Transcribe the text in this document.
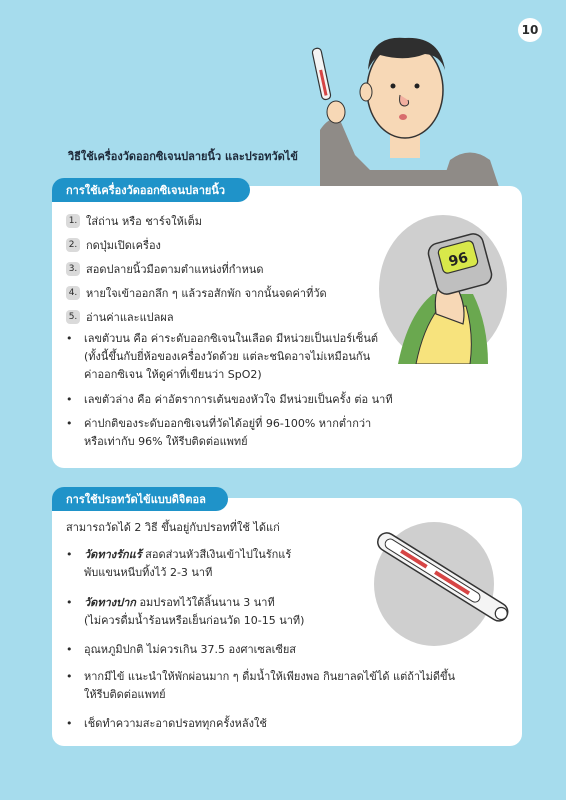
10
วิธีใช้เครื่องวัดออกซิเจนปลายนิ้ว และปรอทวัดไข้
การใช้เครื่องวัดออกซิเจนปลายนิ้ว
1. ใส่ถ่าน หรือ ชาร์จให้เต็ม
2. กดปุ่มเปิดเครื่อง
3. สอดปลายนิ้วมือตามตำแหน่งที่กำหนด
4. หายใจเข้าออกลึก ๆ แล้วรอสักพัก จากนั้นจดค่าที่วัด
5. อ่านค่าและแปลผล
• เลขตัวบน คือ ค่าระดับออกซิเจนในเลือด มีหน่วยเป็นเปอร์เซ็นต์
(ทั้งนี้ขึ้นกับยี่ห้อของเครื่องวัดด้วย แต่ละชนิดอาจไม่เหมือนกัน
ค่าออกซิเจน ให้ดูค่าที่เขียนว่า SpO2)
• เลขตัวล่าง คือ ค่าอัตราการเต้นของหัวใจ มีหน่วยเป็นครั้ง ต่อ นาที
• ค่าปกติของระดับออกซิเจนที่วัดได้อยู่ที่ 96-100% หากต่ำกว่า
หรือเท่ากับ 96% ให้รีบติดต่อแพทย์
96
การใช้ปรอทวัดไข้แบบดิจิตอล
สามารถวัดได้ 2 วิธี ขึ้นอยู่กับปรอทที่ใช้ ได้แก่
• วัดทางรักแร้ สอดส่วนหัวสีเงินเข้าไปในรักแร้
พับแขนหนีบทิ้งไว้ 2-3 นาที
• วัดทางปาก อมปรอทไว้ใต้ลิ้นนาน 3 นาที
(ไม่ควรดื่มน้ำร้อนหรือเย็นก่อนวัด 10-15 นาที)
• อุณหภูมิปกติ ไม่ควรเกิน 37.5 องศาเซลเซียส
• หากมีไข้ แนะนำให้พักผ่อนมาก ๆ ดื่มน้ำให้เพียงพอ กินยาลดไข้ได้ แต่ถ้าไม่ดีขึ้น
ให้รีบติดต่อแพทย์
• เช็ดทำความสะอาดปรอททุกครั้งหลังใช้
